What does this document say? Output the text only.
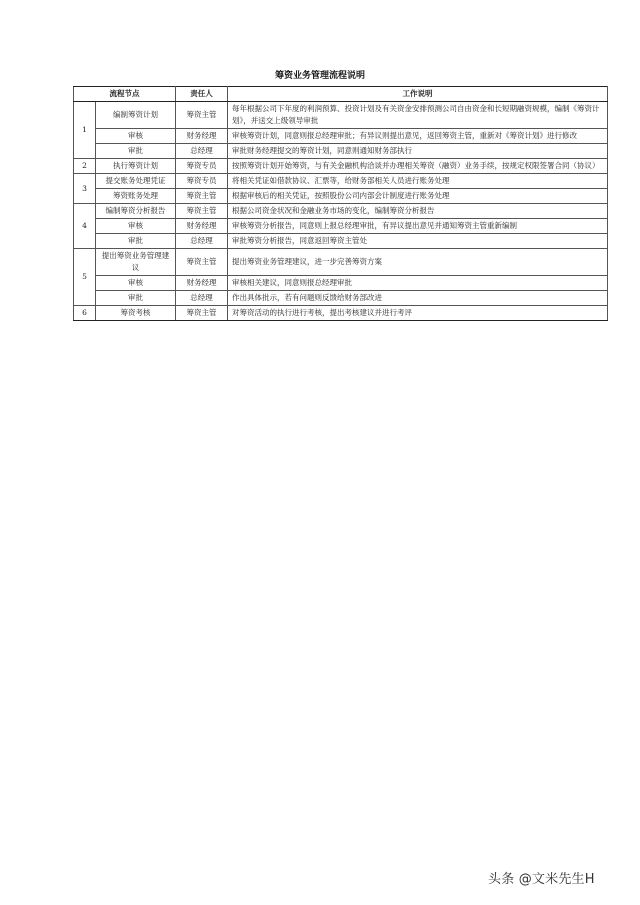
筹资业务管理流程说明
流程节点		责任人	工作说明
1	编制筹资计划	筹资主管	每年根据公司下年度的利润预算、投资计划及有关资金安排预测公司自由资金和长短期融资规模，编制《筹资计划》，并送交上级领导审批
	审核	财务经理	审核筹资计划，同意则报总经理审批；有异议则提出意见，返回筹资主管，重新对《筹资计划》进行修改
	审批	总经理	审批财务经理提交的筹资计划，同意则通知财务部执行
2	执行筹资计划	筹资专员	按照筹资计划开始筹资，与有关金融机构洽谈并办理相关筹资（融资）业务手续，按规定权限签署合同（协议）
3	提交账务处理凭证	筹资专员	将相关凭证如借款协议、汇票等，给财务部相关人员进行账务处理
	筹资账务处理	筹资主管	根据审核后的相关凭证，按照股份公司内部会计制度进行账务处理
4	编制筹资分析报告	筹资主管	根据公司资金状况和金融业务市场的变化，编制筹资分析报告
	审核	财务经理	审核筹资分析报告，同意则上报总经理审批，有异议提出意见并通知筹资主管重新编制
	审批	总经理	审批筹资分析报告，同意返回筹资主管处
5	提出筹资业务管理建议	筹资主管	提出筹资业务管理建议，进一步完善筹资方案
	审核	财务经理	审核相关建议，同意则报总经理审批
	审批	总经理	作出具体批示，若有问题则反馈给财务部改进
6	筹资考核	筹资主管	对筹资活动的执行进行考核，提出考核建议并进行考评
头条 @文米先生H
